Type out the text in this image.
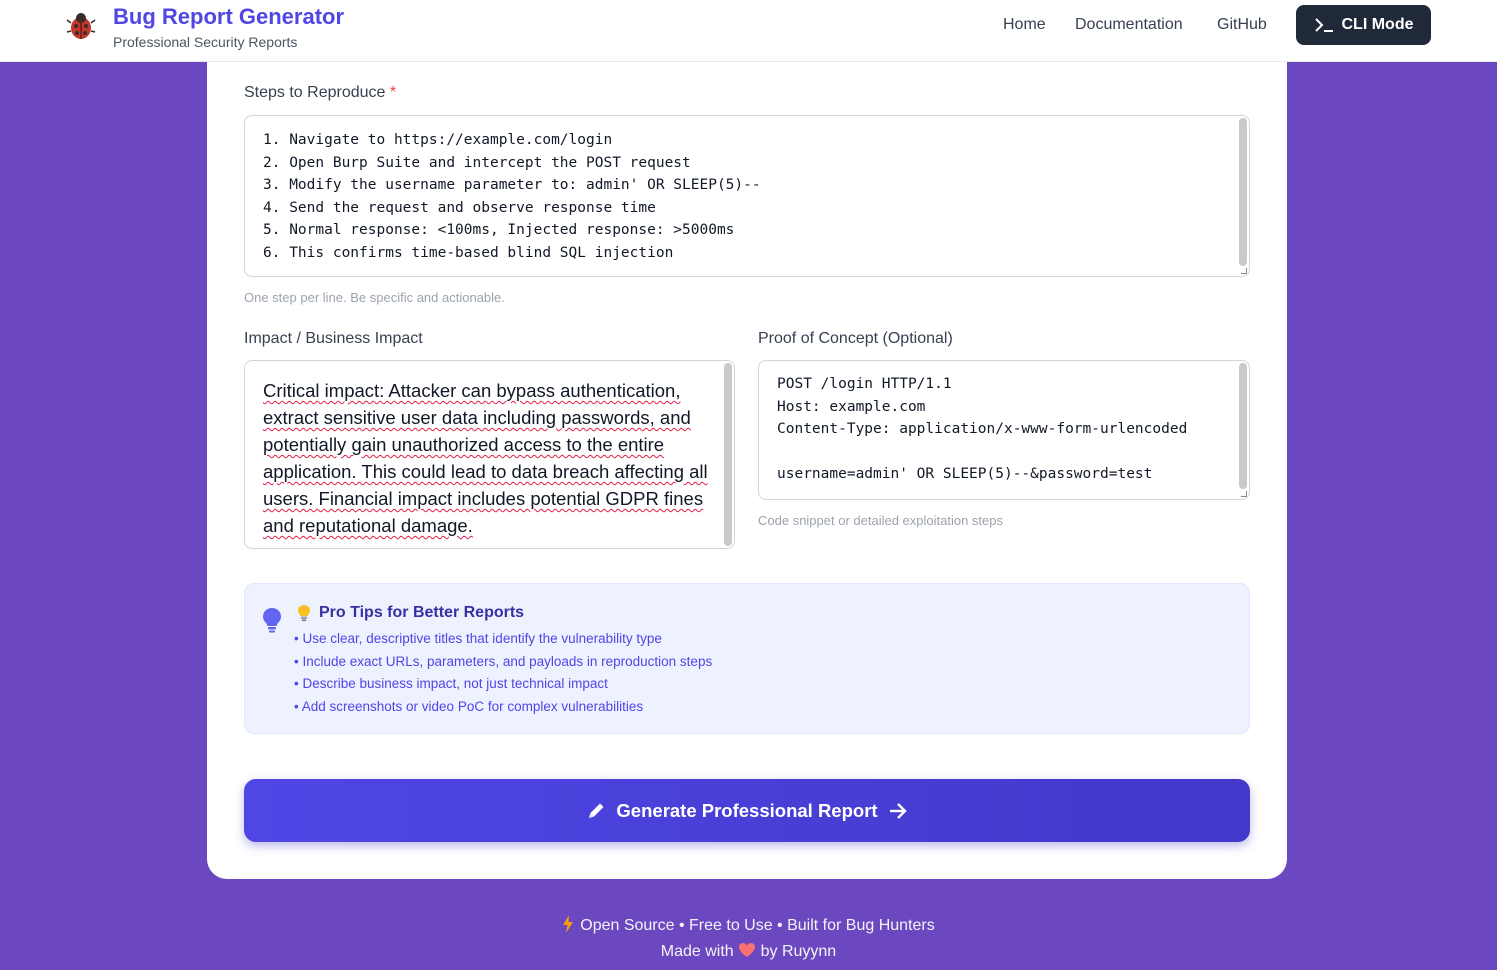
Bug Report Generator
Professional Security Reports
Home Documentation GitHub	CLI Mode
Steps to Reproduce *
1. Navigate to https://example.com/login
2. Open Burp Suite and intercept the POST request
3. Modify the username parameter to: admin' OR SLEEP(5)--
4. Send the request and observe response time
5. Normal response: <100ms, Injected response: >5000ms
6. This confirms time-based blind SQL injection
One step per line. Be specific and actionable.
Impact / Business Impact
Critical impact: Attacker can bypass authentication, extract sensitive user data including passwords, and potentially gain unauthorized access to the entire application. This could lead to data breach affecting all users. Financial impact includes potential GDPR fines and reputational damage.
Proof of Concept (Optional)
POST /login HTTP/1.1
Host: example.com
Content-Type: application/x-www-form-urlencoded
username=admin' OR SLEEP(5)--&password=test
Code snippet or detailed exploitation steps
Pro Tips for Better Reports
• Use clear, descriptive titles that identify the vulnerability type
• Include exact URLs, parameters, and payloads in reproduction steps
• Describe business impact, not just technical impact
• Add screenshots or video PoC for complex vulnerabilities
Generate Professional Report
Open Source • Free to Use • Built for Bug Hunters
Made with by Ruyynn
